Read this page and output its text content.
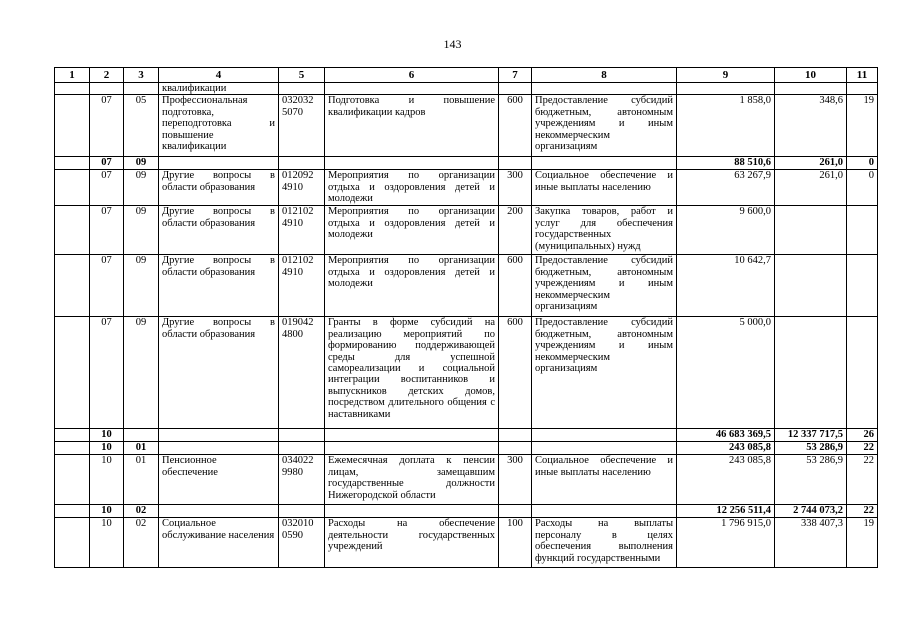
143
1	2	3	4	5	6	7	8	9	10	11
			квалификации							
	07	05	Профессиональная подготовка, переподготовка и повышение квалификации	032032 5070	Подготовка и повышение квалификации кадров	600	Предоставление субсидий бюджетным, автономным учреждениям и иным некоммерческим организациям	1 858,0	348,6	19
	07	09						88 510,6	261,0	0
	07	09	Другие вопросы в области образования	012092 4910	Мероприятия по организации отдыха и оздоровления детей и молодежи	300	Социальное обеспечение и иные выплаты населению	63 267,9	261,0	0
	07	09	Другие вопросы в области образования	012102 4910	Мероприятия по организации отдыха и оздоровления детей и молодежи	200	Закупка товаров, работ и услуг для обеспечения государственных (муниципальных) нужд	9 600,0		
	07	09	Другие вопросы в области образования	012102 4910	Мероприятия по организации отдыха и оздоровления детей и молодежи	600	Предоставление субсидий бюджетным, автономным учреждениям и иным некоммерческим организациям	10 642,7		
	07	09	Другие вопросы в области образования	019042 4800	Гранты в форме субсидий на реализацию мероприятий по формированию поддерживающей среды для успешной самореализации и социальной интеграции воспитанников и выпускников детских домов, посредством длительного общения с наставниками	600	Предоставление субсидий бюджетным, автономным учреждениям и иным некоммерческим организациям	5 000,0		
	10							46 683 369,5	12 337 717,5	26
	10	01						243 085,8	53 286,9	22
	10	01	Пенсионное обеспечение	034022 9980	Ежемесячная доплата к пенсии лицам, замещавшим государственные должности Нижегородской области	300	Социальное обеспечение и иные выплаты населению	243 085,8	53 286,9	22
	10	02						12 256 511,4	2 744 073,2	22
	10	02	Социальное обслуживание населения	032010 0590	Расходы на обеспечение деятельности государственных учреждений	100	Расходы на выплаты персоналу в целях обеспечения выполнения функций государственными	1 796 915,0	338 407,3	19
